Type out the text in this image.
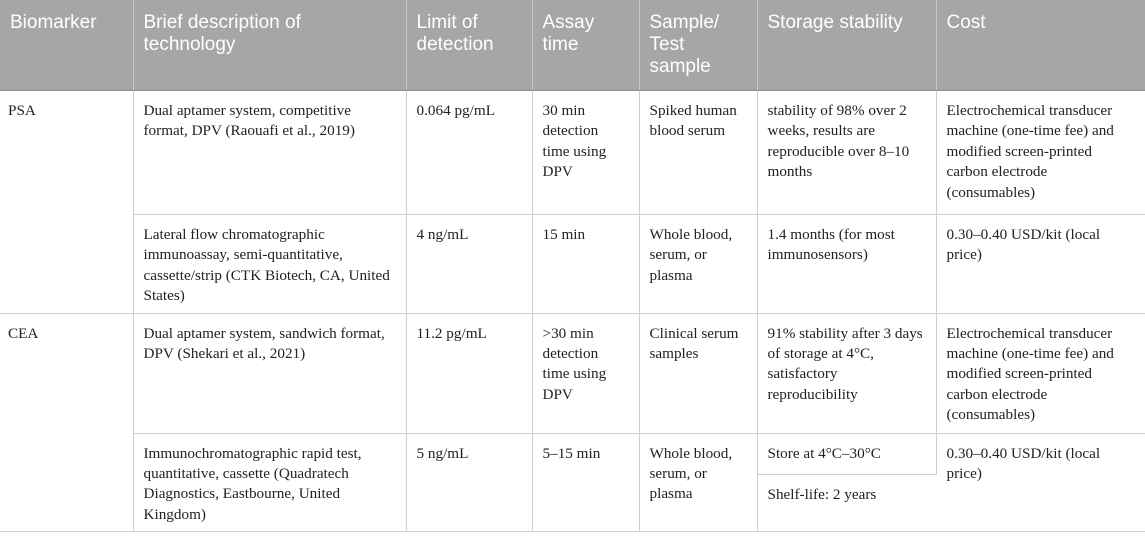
Biomarker	Brief description of technology	Limit of detection	Assay time	Sample/ Test sample	Storage stability	Cost
PSA	Dual aptamer system, competitive format, DPV (Raouafi et al., 2019)	0.064 pg/mL	30 min detection time using DPV	Spiked human blood serum	stability of 98% over 2 weeks, results are reproducible over 8–10 months	Electrochemical transducer machine (one-time fee) and modified screen-printed carbon electrode (consumables)
	Lateral flow chromatographic immunoassay, semi-quantitative, cassette/strip (CTK Biotech, CA, United States)	4 ng/mL	15 min	Whole blood, serum, or plasma	1.4 months (for most immunosensors)	0.30–0.40 USD/kit (local price)
CEA	Dual aptamer system, sandwich format, DPV (Shekari et al., 2021)	11.2 pg/mL	>30 min detection time using DPV	Clinical serum samples	91% stability after 3 days of storage at 4°C, satisfactory reproducibility	Electrochemical transducer machine (one-time fee) and modified screen-printed carbon electrode (consumables)
	Immunochromatographic rapid test, quantitative, cassette (Quadratech Diagnostics, Eastbourne, United Kingdom)	5 ng/mL	5–15 min	Whole blood, serum, or plasma	Store at 4°C–30°C	0.30–0.40 USD/kit (local price)
					Shelf-life: 2 years	
